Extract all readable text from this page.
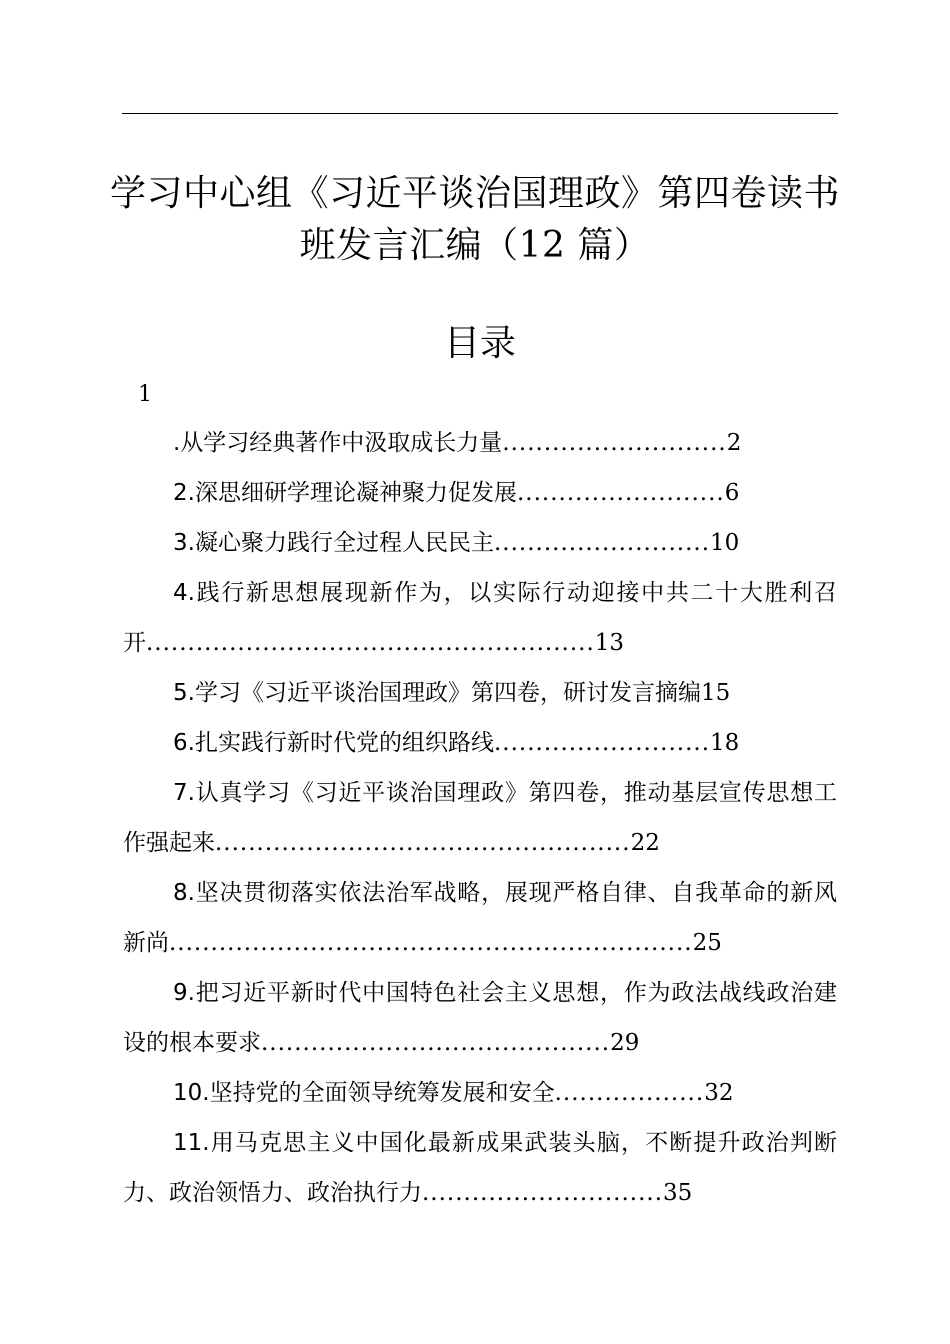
学习中心组《习近平谈治国理政》第四卷读书
班发言汇编（12 篇）
目录
1
.从学习经典著作中汲取成长力量...........................2
2.深思细研学理论凝神聚力促发展.........................6
3.凝心聚力践行全过程人民民主..........................10
4.践行新思想展现新作为，以实际行动迎接中共二十大胜利召开......................................................13
5.学习《习近平谈治国理政》第四卷，研讨发言摘编15
6.扎实践行新时代党的组织路线..........................18
7.认真学习《习近平谈治国理政》第四卷，推动基层宣传思想工作强起来..................................................22
8.坚决贯彻落实依法治军战略，展现严格自律、自我革命的新风新尚...............................................................25
9.把习近平新时代中国特色社会主义思想，作为政法战线政治建设的根本要求..........................................29
10.坚持党的全面领导统筹发展和安全..................32
11.用马克思主义中国化最新成果武装头脑，不断提升政治判断力、政治领悟力、政治执行力.............................35
